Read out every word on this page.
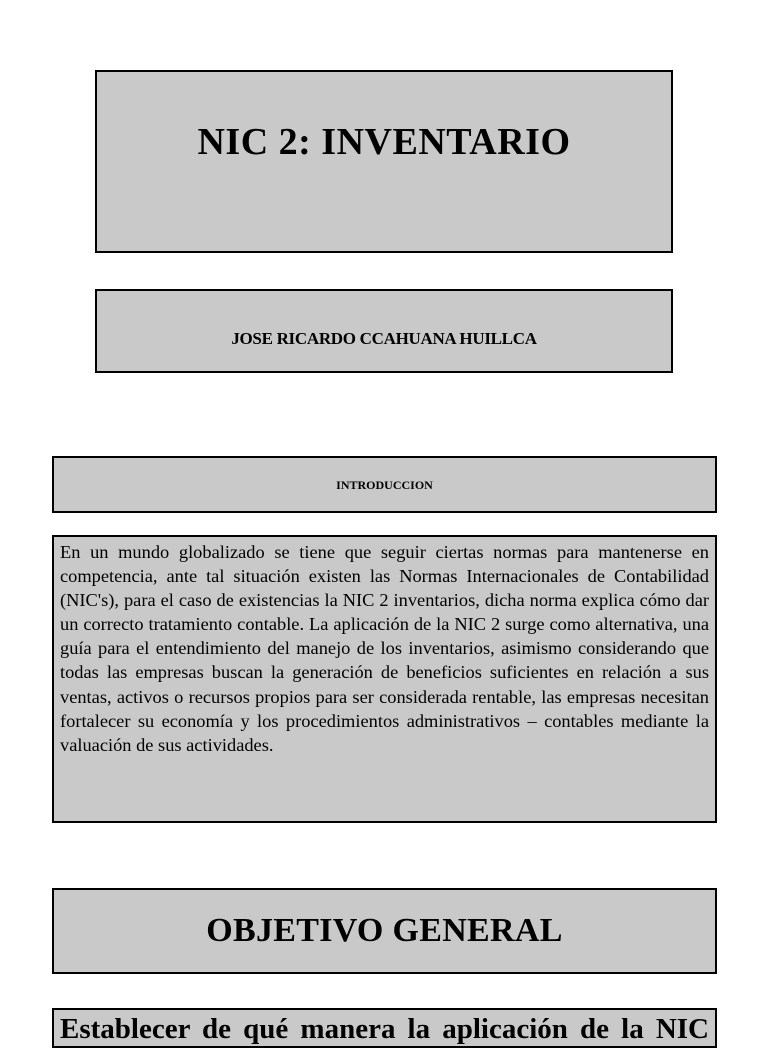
NIC 2: INVENTARIO
JOSE RICARDO CCAHUANA HUILLCA
INTRODUCCION

En un mundo globalizado se tiene que seguir ciertas normas para mantenerse en competencia, ante tal situación existen las Normas Internacionales de Contabilidad (NIC's), para el caso de existencias la NIC 2 inventarios, dicha norma explica cómo dar un correcto tratamiento contable. La aplicación de la NIC 2 surge como alternativa, una guía para el entendimiento del manejo de los inventarios, asimismo considerando que todas las empresas buscan la generación de beneficios suficientes en relación a sus ventas, activos o recursos propios para ser considerada rentable, las empresas necesitan fortalecer su economía y los procedimientos administrativos – contables mediante la valuación de sus actividades.

OBJETIVO GENERAL

Establecer de qué manera la aplicación de la NIC
